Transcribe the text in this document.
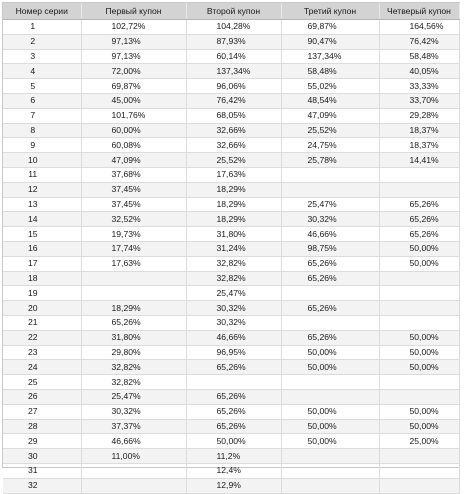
Номер серии	Первый купон	Второй купон	Третий купон	Четверый купон
1	102,72%	104,28%	69,87%	164,56%
2	97,13%	87,93%	90,47%	76,42%
3	97,13%	60,14%	137,34%	58,48%
4	72,00%	137,34%	58,48%	40,05%
5	69,87%	96,06%	55,02%	33,33%
6	45,00%	76,42%	48,54%	33,70%
7	101,76%	68,05%	47,09%	29,28%
8	60,00%	32,66%	25,52%	18,37%
9	60,08%	32,66%	24,75%	18,37%
10	47,09%	25,52%	25,78%	14,41%
11	37,68%	17,63%		
12	37,45%	18,29%		
13	37,45%	18,29%	25,47%	65,26%
14	32,52%	18,29%	30,32%	65,26%
15	19,73%	31,80%	46,66%	65,26%
16	17,74%	31,24%	98,75%	50,00%
17	17,63%	32,82%	65,26%	50,00%
18		32,82%	65,26%	
19		25,47%		
20	18,29%	30,32%	65,26%	
21	65,26%	30,32%		
22	31,80%	46,66%	65,26%	50,00%
23	29,80%	96,95%	50,00%	50,00%
24	32,82%	65,26%	50,00%	50,00%
25	32,82%			
26	25,47%	65,26%		
27	30,32%	65,26%	50,00%	50,00%
28	37,37%	65,26%	50,00%	50,00%
29	46,66%	50,00%	50,00%	25,00%
30	11,00%	11,2%		
31		12,4%		
32		12,9%		
